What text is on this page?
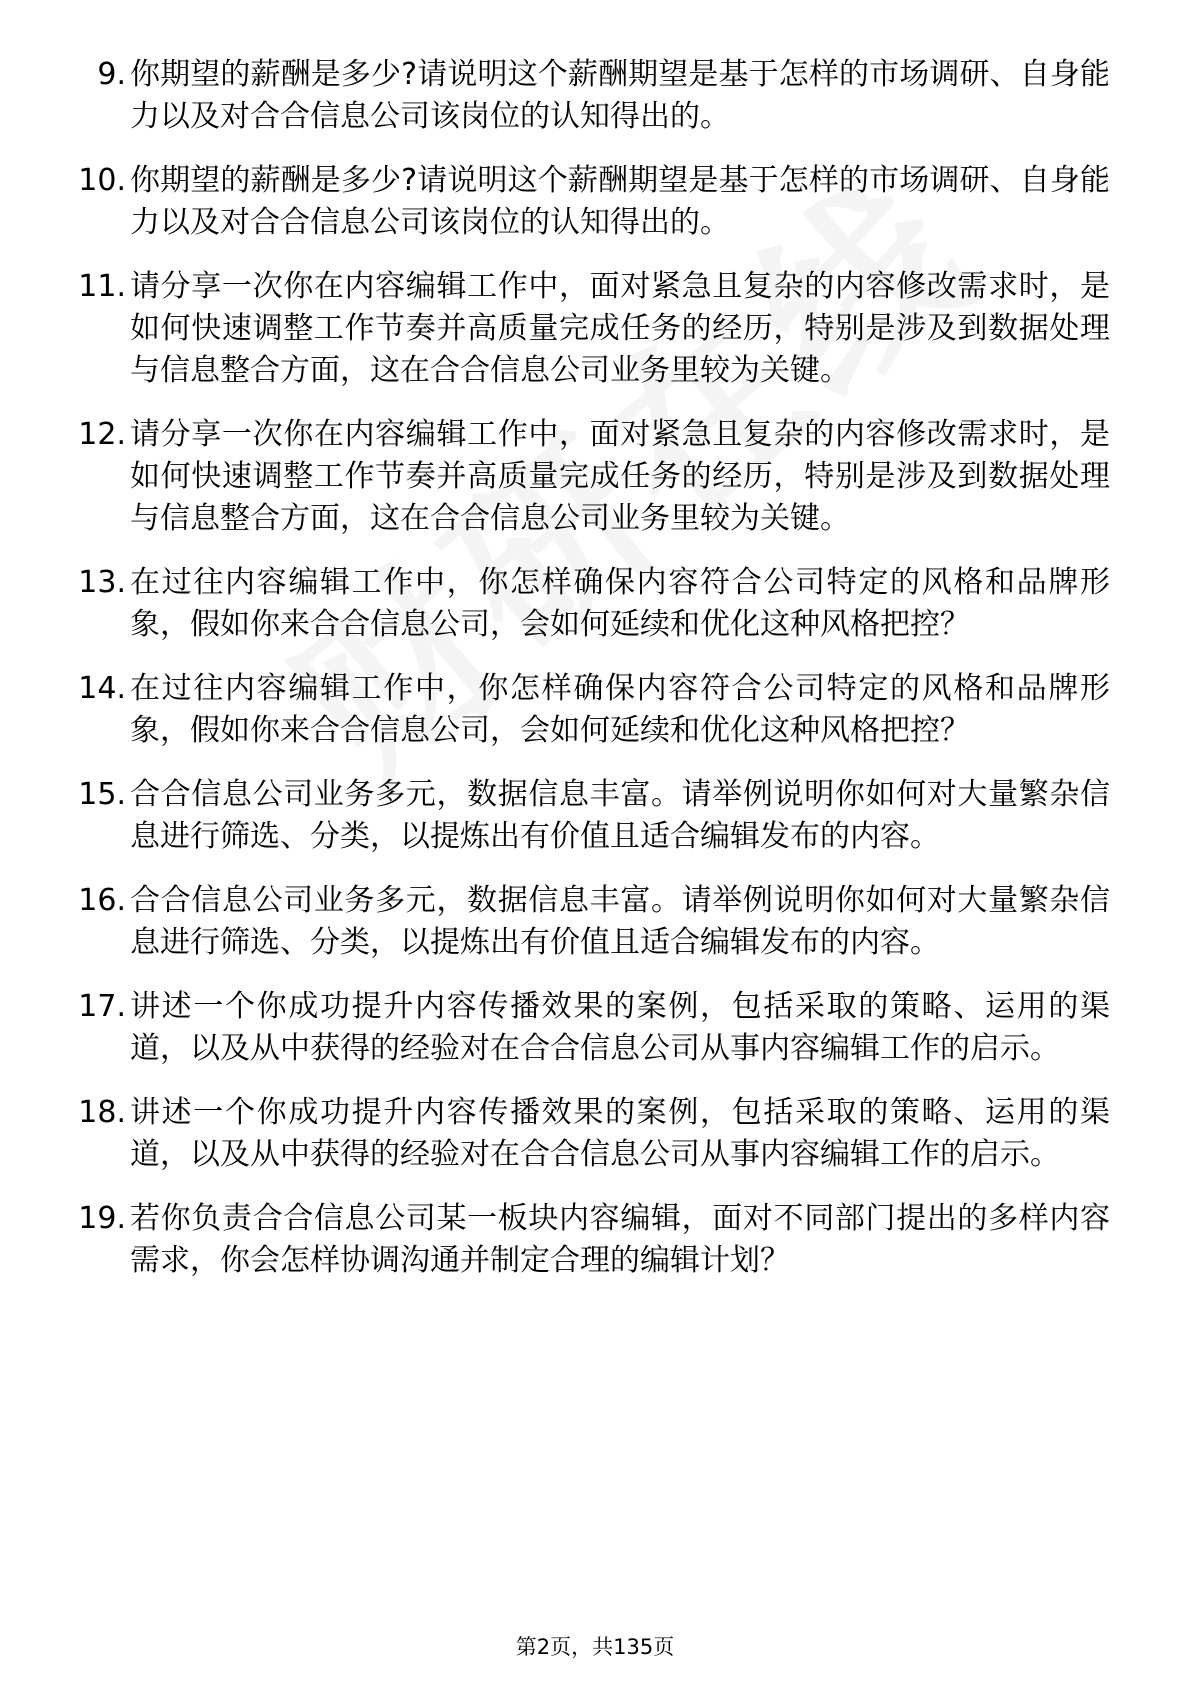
9. 你期望的薪酬是多少?请说明这个薪酬期望是基于怎样的市场调研、自身能力以及对合合信息公司该岗位的认知得出的。
10. 你期望的薪酬是多少?请说明这个薪酬期望是基于怎样的市场调研、自身能力以及对合合信息公司该岗位的认知得出的。
11. 请分享一次你在内容编辑工作中，面对紧急且复杂的内容修改需求时，是如何快速调整工作节奏并高质量完成任务的经历，特别是涉及到数据处理与信息整合方面，这在合合信息公司业务里较为关键。
12. 请分享一次你在内容编辑工作中，面对紧急且复杂的内容修改需求时，是如何快速调整工作节奏并高质量完成任务的经历，特别是涉及到数据处理与信息整合方面，这在合合信息公司业务里较为关键。
13. 在过往内容编辑工作中，你怎样确保内容符合公司特定的风格和品牌形象，假如你来合合信息公司，会如何延续和优化这种风格把控？
14. 在过往内容编辑工作中，你怎样确保内容符合公司特定的风格和品牌形象，假如你来合合信息公司，会如何延续和优化这种风格把控？
15. 合合信息公司业务多元，数据信息丰富。请举例说明你如何对大量繁杂信息进行筛选、分类，以提炼出有价值且适合编辑发布的内容。
16. 合合信息公司业务多元，数据信息丰富。请举例说明你如何对大量繁杂信息进行筛选、分类，以提炼出有价值且适合编辑发布的内容。
17. 讲述一个你成功提升内容传播效果的案例，包括采取的策略、运用的渠道，以及从中获得的经验对在合合信息公司从事内容编辑工作的启示。
18. 讲述一个你成功提升内容传播效果的案例，包括采取的策略、运用的渠道，以及从中获得的经验对在合合信息公司从事内容编辑工作的启示。
19. 若你负责合合信息公司某一板块内容编辑，面对不同部门提出的多样内容需求，你会怎样协调沟通并制定合理的编辑计划？
第2页，共135页
